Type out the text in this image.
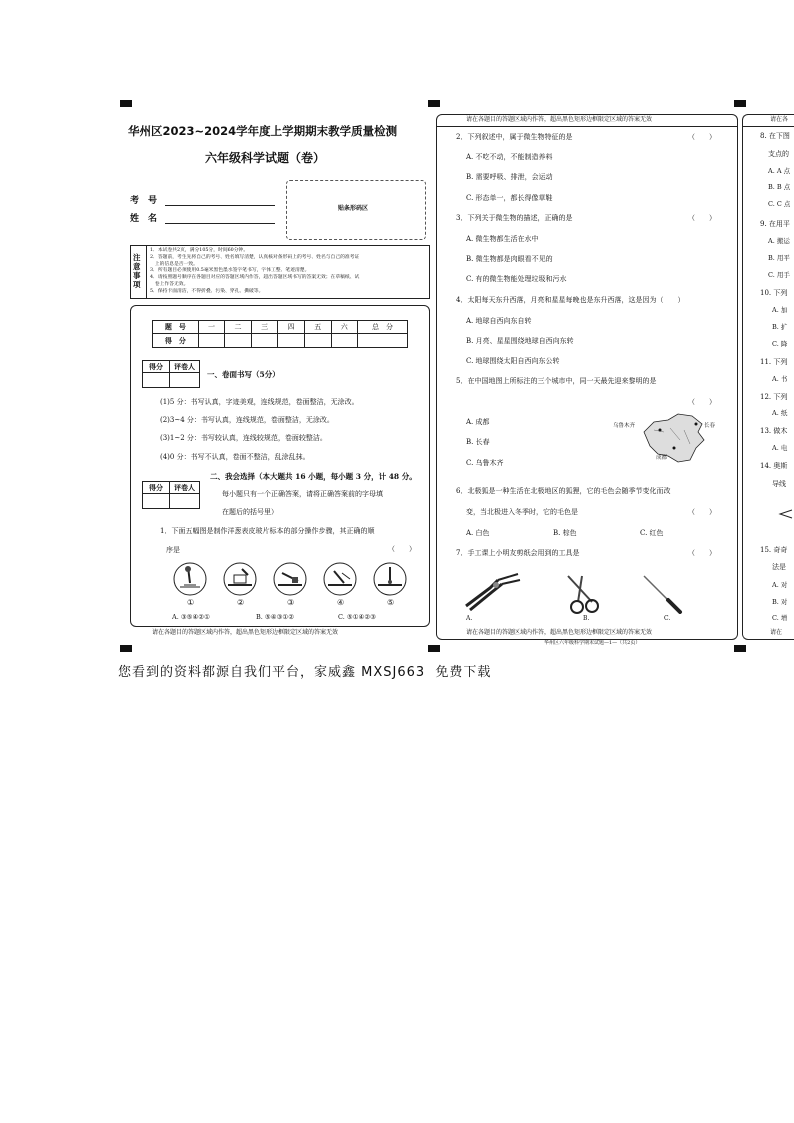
华州区2023~2024学年度上学期期末教学质量检测
六年级科学试题（卷）
考　号
姓　名
贴条形码区
注意事项
1．本试卷共2页，满分105分，时间60分钟。
2．答题前，考生先将自己的考号、姓名填写清楚，认真核对条形码上的考号、姓名与自己的准考证
　上的信息是否一致。
3．所有题目必须使用0.5毫米黑色墨水签字笔书写，字体工整、笔迹清楚。
4．请按照题号顺序在各题目对应的答题区域内作答，超出答题区域书写的答案无效；在草稿纸、试
　卷上作答无效。
5．保持卡面清洁，不得折叠、污染、穿孔、撕破等。
题　号	一	二	三	四	五	六	总　分
得　分							
得分	评卷人

一、卷面书写（5分）
(1)5 分：书写认真，字迹美观，连线规范，卷面整洁，无涂改。
(2)3~4 分：书写认真，连线规范，卷面整洁，无涂改。
(3)1~2 分：书写较认真，连线较规范，卷面较整洁。
(4)0 分：书写不认真，卷面不整洁，乱涂乱抹。
二、我会选择（本大题共 16 小题，每小题 3 分，计 48 分。
得分	评卷人

每小题只有一个正确答案，请将正确答案前的字母填
在题后的括号里）
1．下面五幅图是制作洋葱表皮玻片标本的部分操作步骤，其正确的顺
序是	（　　）
①	②	③	④	⑤
A. ③⑤④②①	B. ⑤④③①②	C. ⑤①④②③
请在各题目的答题区域内作答，超出黑色矩形边框限定区域的答案无效
请在各题目的答题区域内作答，超出黑色矩形边框限定区域的答案无效
2．下列叙述中，属于微生物特征的是	（　　）
A. 不吃不动，不能制造养料
B. 需要呼吸、排泄，会运动
C. 形态单一，都长得像草鞋
3．下列关于微生物的描述，正确的是	（　　）
A. 微生物都生活在水中
B. 微生物都是肉眼看不见的
C. 有的微生物能处理垃圾和污水
4．太阳每天东升西落，月亮和星星每晚也是东升西落，这是因为（　　）
A. 地球自西向东自转
B. 月亮、星星围绕地球自西向东转
C. 地球围绕太阳自西向东公转
5．在中国地图上所标注的三个城市中，同一天最先迎来黎明的是
（　　）
A. 成都
B. 长春
C. 乌鲁木齐
乌鲁木齐	长春
成都
6．北极狐是一种生活在北极地区的狐狸，它的毛色会随季节变化而改
变，当北极进入冬季时，它的毛色是	（　　）
A. 白色	B. 棕色	C. 红色
7．手工课上小明友剪纸会用到的工具是	（　　）
A.	B.	C.
请在各题目的答题区域内作答，超出黑色矩形边框限定区域的答案无效
华州区六年级科学期末试题—1—（共2页）
请在各
8. 在下图
支点的
A. A 点
B. B 点
C. C 点
9. 在用平
A. 搬运
B. 用平
C. 用手
10. 下列
A. 加
B. 扩
C. 降
11. 下列
A. 书
12. 下列
A. 纸
13. 做木
A. 电
14. 奥斯
导线
15. 奇奇
法是
A. 对
B. 对
C. 增
请在
您看到的资料都源自我们平台，家威鑫 MXSJ663  免费下载
